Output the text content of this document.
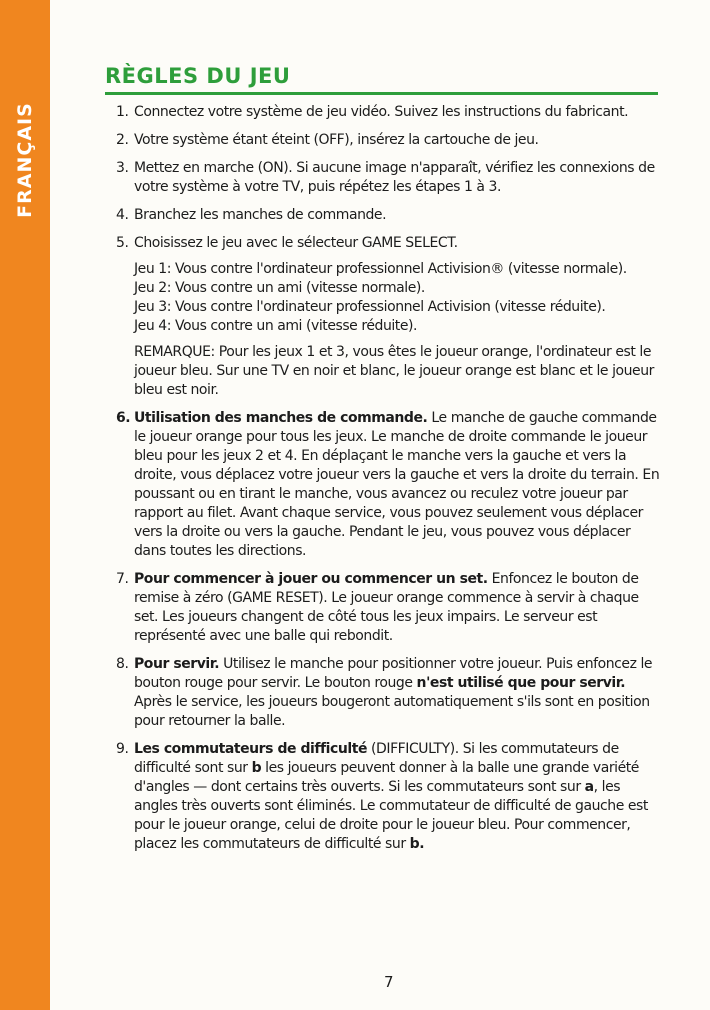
FRANÇAIS
RÈGLES DU JEU
1. Connectez votre système de jeu vidéo. Suivez les instructions du fabricant.
2. Votre système étant éteint (OFF), insérez la cartouche de jeu.
3. Mettez en marche (ON). Si aucune image n'apparaît, vérifiez les connexions de votre système à votre TV, puis répétez les étapes 1 à 3.
4. Branchez les manches de commande.
5. Choisissez le jeu avec le sélecteur GAME SELECT.
Jeu 1: Vous contre l'ordinateur professionnel Activision® (vitesse normale).
Jeu 2: Vous contre un ami (vitesse normale).
Jeu 3: Vous contre l'ordinateur professionnel Activision (vitesse réduite).
Jeu 4: Vous contre un ami (vitesse réduite).
REMARQUE: Pour les jeux 1 et 3, vous êtes le joueur orange, l'ordinateur est le joueur bleu. Sur une TV en noir et blanc, le joueur orange est blanc et le joueur bleu est noir.
6. Utilisation des manches de commande. Le manche de gauche commande le joueur orange pour tous les jeux. Le manche de droite commande le joueur bleu pour les jeux 2 et 4. En déplaçant le manche vers la gauche et vers la droite, vous déplacez votre joueur vers la gauche et vers la droite du terrain. En poussant ou en tirant le manche, vous avancez ou reculez votre joueur par rapport au filet. Avant chaque service, vous pouvez seulement vous déplacer vers la droite ou vers la gauche. Pendant le jeu, vous pouvez vous déplacer dans toutes les directions.
7. Pour commencer à jouer ou commencer un set. Enfoncez le bouton de remise à zéro (GAME RESET). Le joueur orange commence à servir à chaque set. Les joueurs changent de côté tous les jeux impairs. Le serveur est représenté avec une balle qui rebondit.
8. Pour servir. Utilisez le manche pour positionner votre joueur. Puis enfoncez le bouton rouge pour servir. Le bouton rouge n'est utilisé que pour servir. Après le service, les joueurs bougeront automatiquement s'ils sont en position pour retourner la balle.
9. Les commutateurs de difficulté (DIFFICULTY). Si les commutateurs de difficulté sont sur b les joueurs peuvent donner à la balle une grande variété d'angles — dont certains très ouverts. Si les commutateurs sont sur a, les angles très ouverts sont éliminés. Le commutateur de difficulté de gauche est pour le joueur orange, celui de droite pour le joueur bleu. Pour commencer, placez les commutateurs de difficulté sur b.
7
